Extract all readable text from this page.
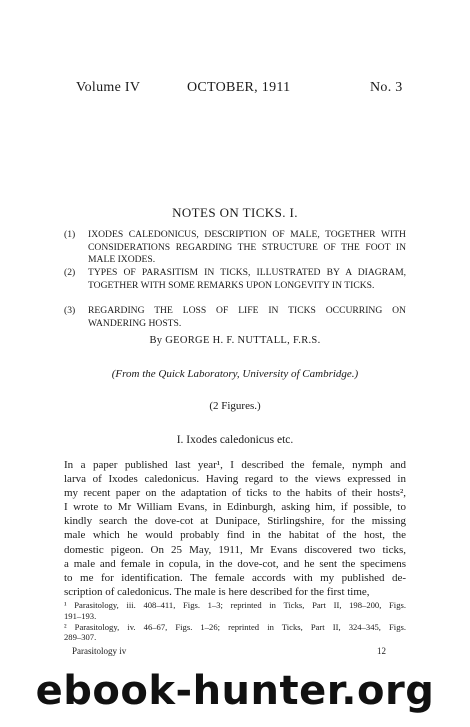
Volume IV	OCTOBER, 1911	No. 3
NOTES ON TICKS. I.
(1) IXODES CALEDONICUS, DESCRIPTION OF MALE, TOGETHER WITH CONSIDERATIONS REGARDING THE STRUCTURE OF THE FOOT IN MALE IXODES.
(2) TYPES OF PARASITISM IN TICKS, ILLUSTRATED BY A DIAGRAM, TOGETHER WITH SOME REMARKS UPON LONGEVITY IN TICKS.
(3) REGARDING THE LOSS OF LIFE IN TICKS OCCURRING ON WANDERING HOSTS.
By GEORGE H. F. NUTTALL, F.R.S.
(From the Quick Laboratory, University of Cambridge.)
(2 Figures.)
I. Ixodes caledonicus etc.
In a paper published last year¹, I described the female, nymph and
larva of Ixodes caledonicus. Having regard to the views expressed in
my recent paper on the adaptation of ticks to the habits of their hosts²,
I wrote to Mr William Evans, in Edinburgh, asking him, if possible, to
kindly search the dove-cot at Dunipace, Stirlingshire, for the missing
male which he would probably find in the habitat of the host, the
domestic pigeon. On 25 May, 1911, Mr Evans discovered two ticks,
a male and female in copula, in the dove-cot, and he sent the specimens
to me for identification. The female accords with my published de-
scription of caledonicus. The male is here described for the first time,
¹ Parasitology, iii. 408–411, Figs. 1–3; reprinted in Ticks, Part II, 198–200, Figs.
191–193.
² Parasitology, iv. 46–67, Figs. 1–26; reprinted in Ticks, Part II, 324–345, Figs.
289–307.
Parasitology iv	12
ebook-hunter.org
